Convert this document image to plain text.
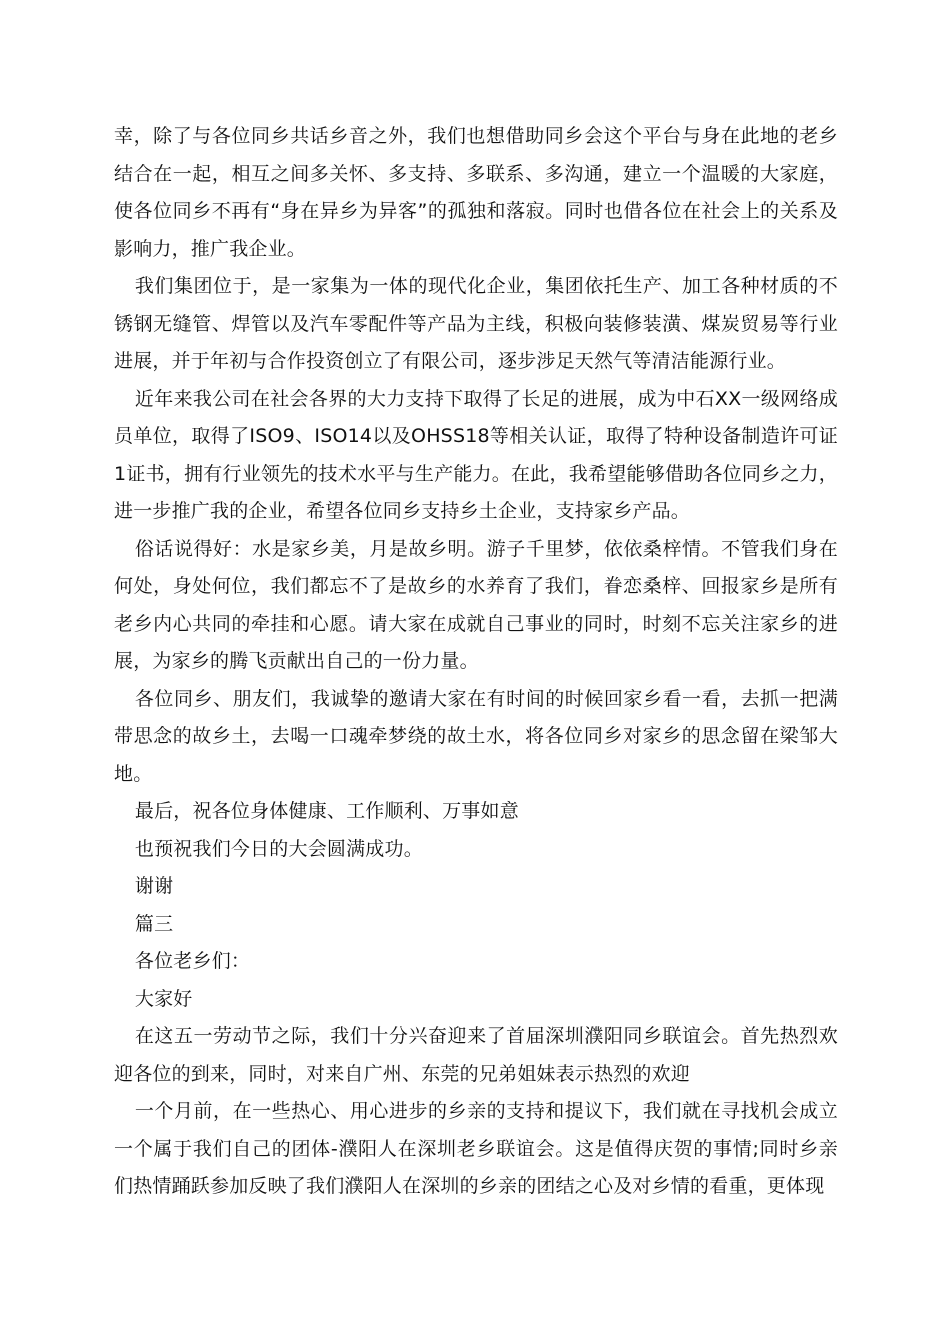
幸，除了与各位同乡共话乡音之外，我们也想借助同乡会这个平台与身在此地的老乡结合在一起，相互之间多关怀、多支持、多联系、多沟通，建立一个温暖的大家庭，使各位同乡不再有“身在异乡为异客”的孤独和落寂。同时也借各位在社会上的关系及影响力，推广我企业。

我们集团位于，是一家集为一体的现代化企业，集团依托生产、加工各种材质的不锈钢无缝管、焊管以及汽车零配件等产品为主线，积极向装修装潢、煤炭贸易等行业进展，并于年初与合作投资创立了有限公司，逐步涉足天然气等清洁能源行业。

近年来我公司在社会各界的大力支持下取得了长足的进展，成为中石XX一级网络成员单位，取得了ISO9、ISO14以及OHSS18等相关认证，取得了特种设备制造许可证1证书，拥有行业领先的技术水平与生产能力。在此，我希望能够借助各位同乡之力，进一步推广我的企业，希望各位同乡支持乡土企业，支持家乡产品。

俗话说得好：水是家乡美，月是故乡明。游子千里梦，依依桑梓情。不管我们身在何处，身处何位，我们都忘不了是故乡的水养育了我们，眷恋桑梓、回报家乡是所有老乡内心共同的牵挂和心愿。请大家在成就自己事业的同时，时刻不忘关注家乡的进展，为家乡的腾飞贡献出自己的一份力量。

各位同乡、朋友们，我诚挚的邀请大家在有时间的时候回家乡看一看，去抓一把满带思念的故乡土，去喝一口魂牵梦绕的故土水，将各位同乡对家乡的思念留在梁邹大地。

最后，祝各位身体健康、工作顺利、万事如意

也预祝我们今日的大会圆满成功。

谢谢

篇三

各位老乡们：

大家好

在这五一劳动节之际，我们十分兴奋迎来了首届深圳濮阳同乡联谊会。首先热烈欢迎各位的到来，同时，对来自广州、东莞的兄弟姐妹表示热烈的欢迎

一个月前，在一些热心、用心进步的乡亲的支持和提议下，我们就在寻找机会成立一个属于我们自己的团体-濮阳人在深圳老乡联谊会。这是值得庆贺的事情;同时乡亲们热情踊跃参加反映了我们濮阳人在深圳的乡亲的团结之心及对乡情的看重，更体现
